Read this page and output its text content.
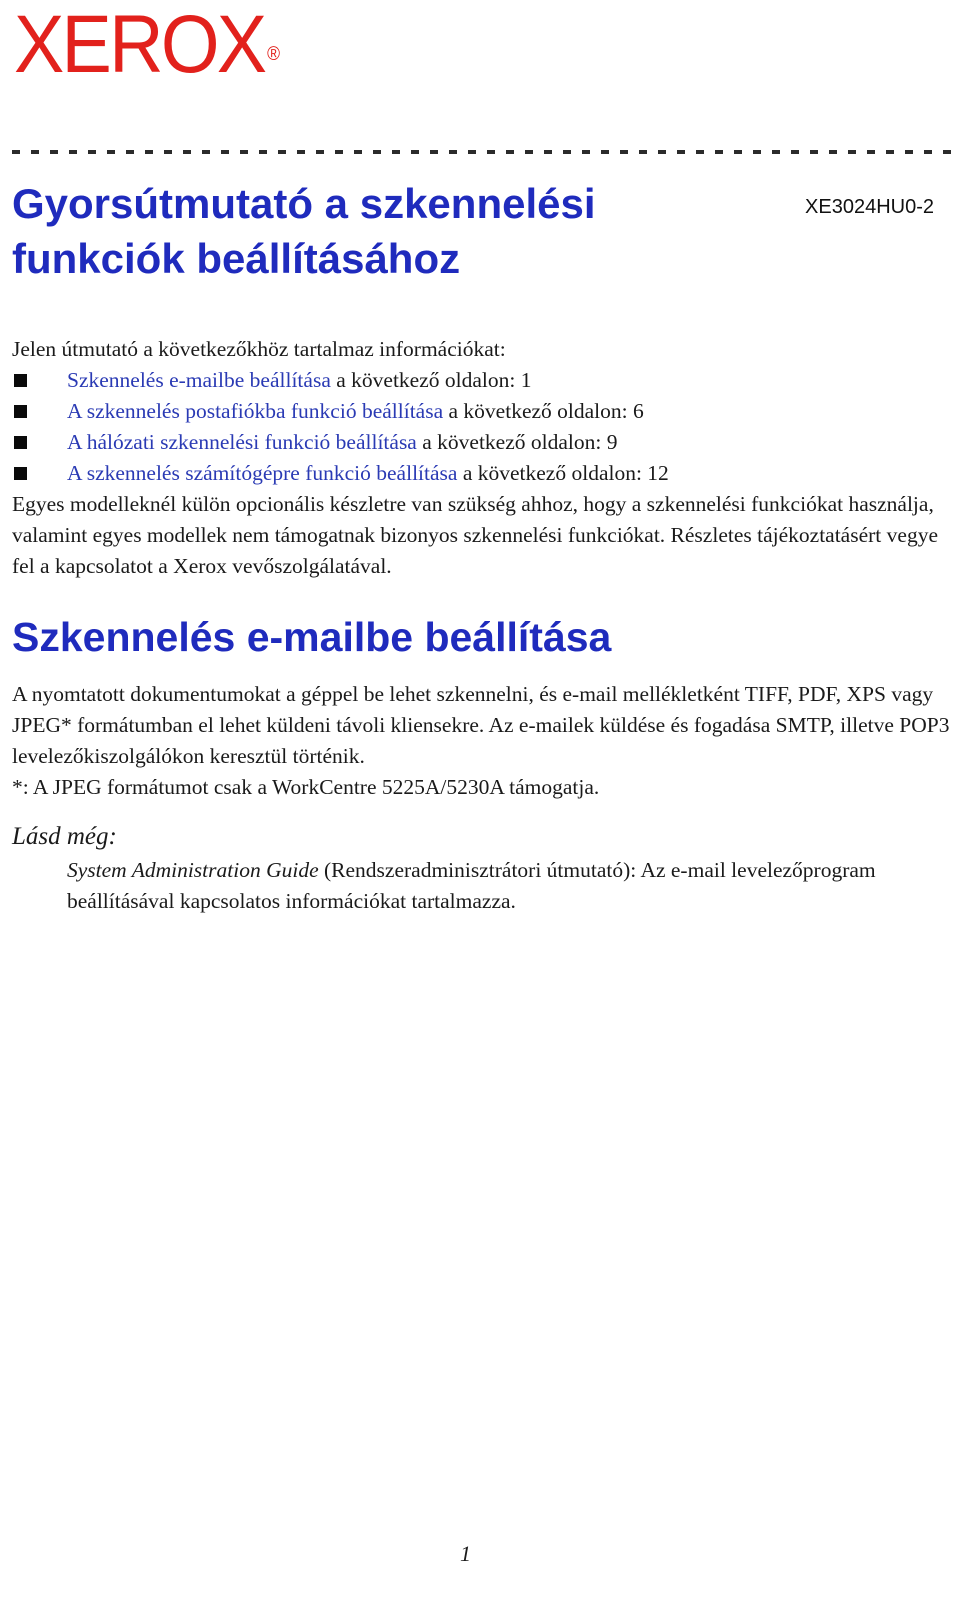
XEROX ®
Gyorsútmutató a szkennelési
funkciók beállításához
XE3024HU0-2

Jelen útmutató a következőkhöz tartalmaz információkat:

Szkennelés e-mailbe beállítása a következő oldalon: 1
A szkennelés postafiókba funkció beállítása a következő oldalon: 6
A hálózati szkennelési funkció beállítása a következő oldalon: 9
A szkennelés számítógépre funkció beállítása a következő oldalon: 12

Egyes modelleknél külön opcionális készletre van szükség ahhoz, hogy a szkennelési funkciókat használja, valamint egyes modellek nem támogatnak bizonyos szkennelési funkciókat. Részletes tájékoztatásért vegye fel a kapcsolatot a Xerox vevőszolgálatával.

Szkennelés e-mailbe beállítása
A nyomtatott dokumentumokat a géppel be lehet szkennelni, és e-mail mellékletként TIFF, PDF, XPS vagy JPEG* formátumban el lehet küldeni távoli kliensekre. Az e-mailek küldése és fogadása SMTP, illetve POP3 levelezőkiszolgálókon keresztül történik.
*: A JPEG formátumot csak a WorkCentre 5225A/5230A támogatja.
Lásd még:

System Administration Guide (Rendszeradminisztrátori útmutató): Az e-mail levelezőprogram beállításával kapcsolatos információkat tartalmazza.

1
